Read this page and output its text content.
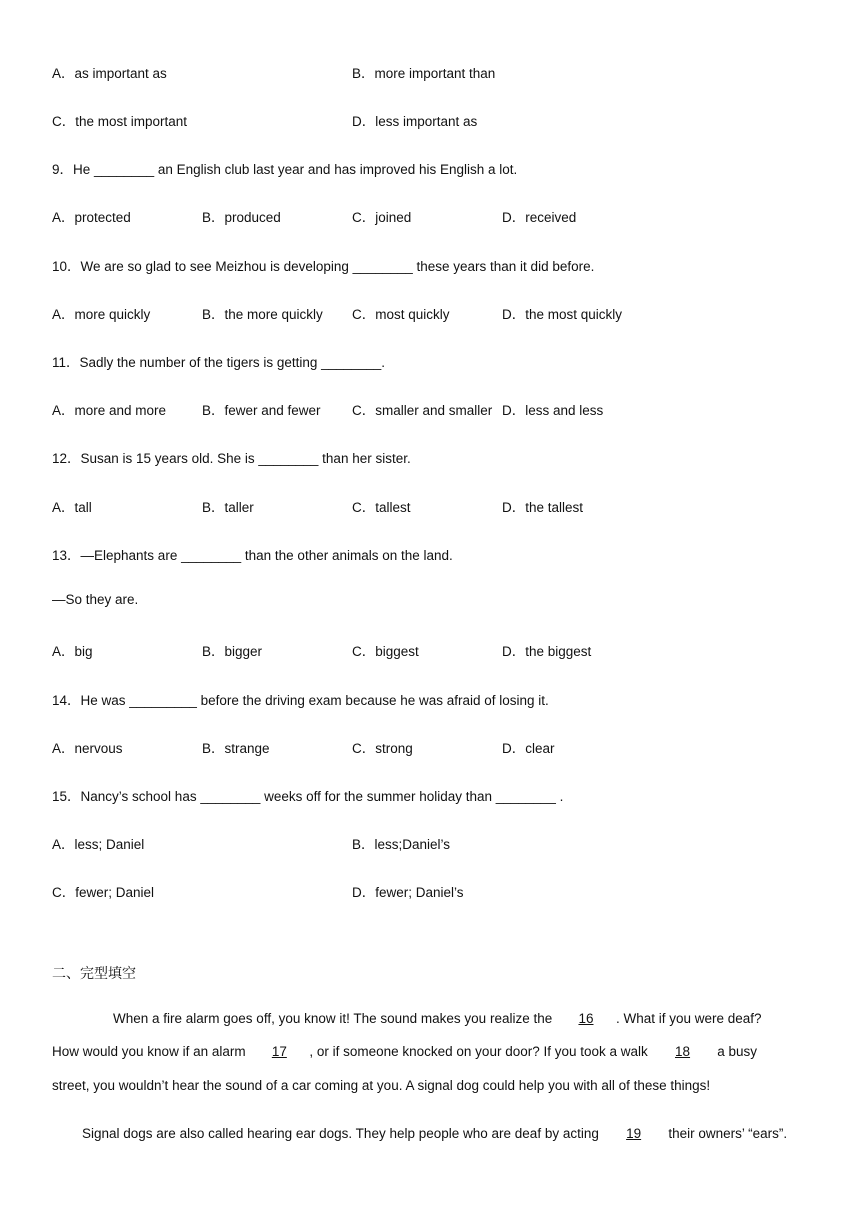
A．as important as	B．more important than
C．the most important	D．less important as
9．He ________ an English club last year and has improved his English a lot.
A．protected	B．produced	C．joined	D．received
10．We are so glad to see Meizhou is developing ________ these years than it did before.
A．more quickly	B．the more quickly C．most quickly	D．the most quickly
11．Sadly the number of the tigers is getting ________.
A．more and more	B．fewer and fewer C．smaller and smaller D．less and less
12．Susan is 15 years old. She is ________ than her sister.
A．tall	B．taller	C．tallest	D．the tallest
13．—Elephants are ________ than the other animals on the land.
—So they are.
A．big	B．bigger	C．biggest	D．the biggest
14．He was _________ before the driving exam because he was afraid of losing it.
A．nervous	B．strange	C．strong	D．clear
15．Nancy’s school has ________ weeks off for the summer holiday than ________ .
A．less; Daniel	B．less;Daniel’s
C．fewer; Daniel	D．fewer; Daniel’s
二、完型填空
When a fire alarm goes off, you know it! The sound makes you realize the 16 . What if you were deaf?
How would you know if an alarm 17 , or if someone knocked on your door? If you took a walk 18 a busy
street, you wouldn’t hear the sound of a car coming at you. A signal dog could help you with all of these things!
Signal dogs are also called hearing ear dogs. They help people who are deaf by acting 19 their owners’ “ears”.
